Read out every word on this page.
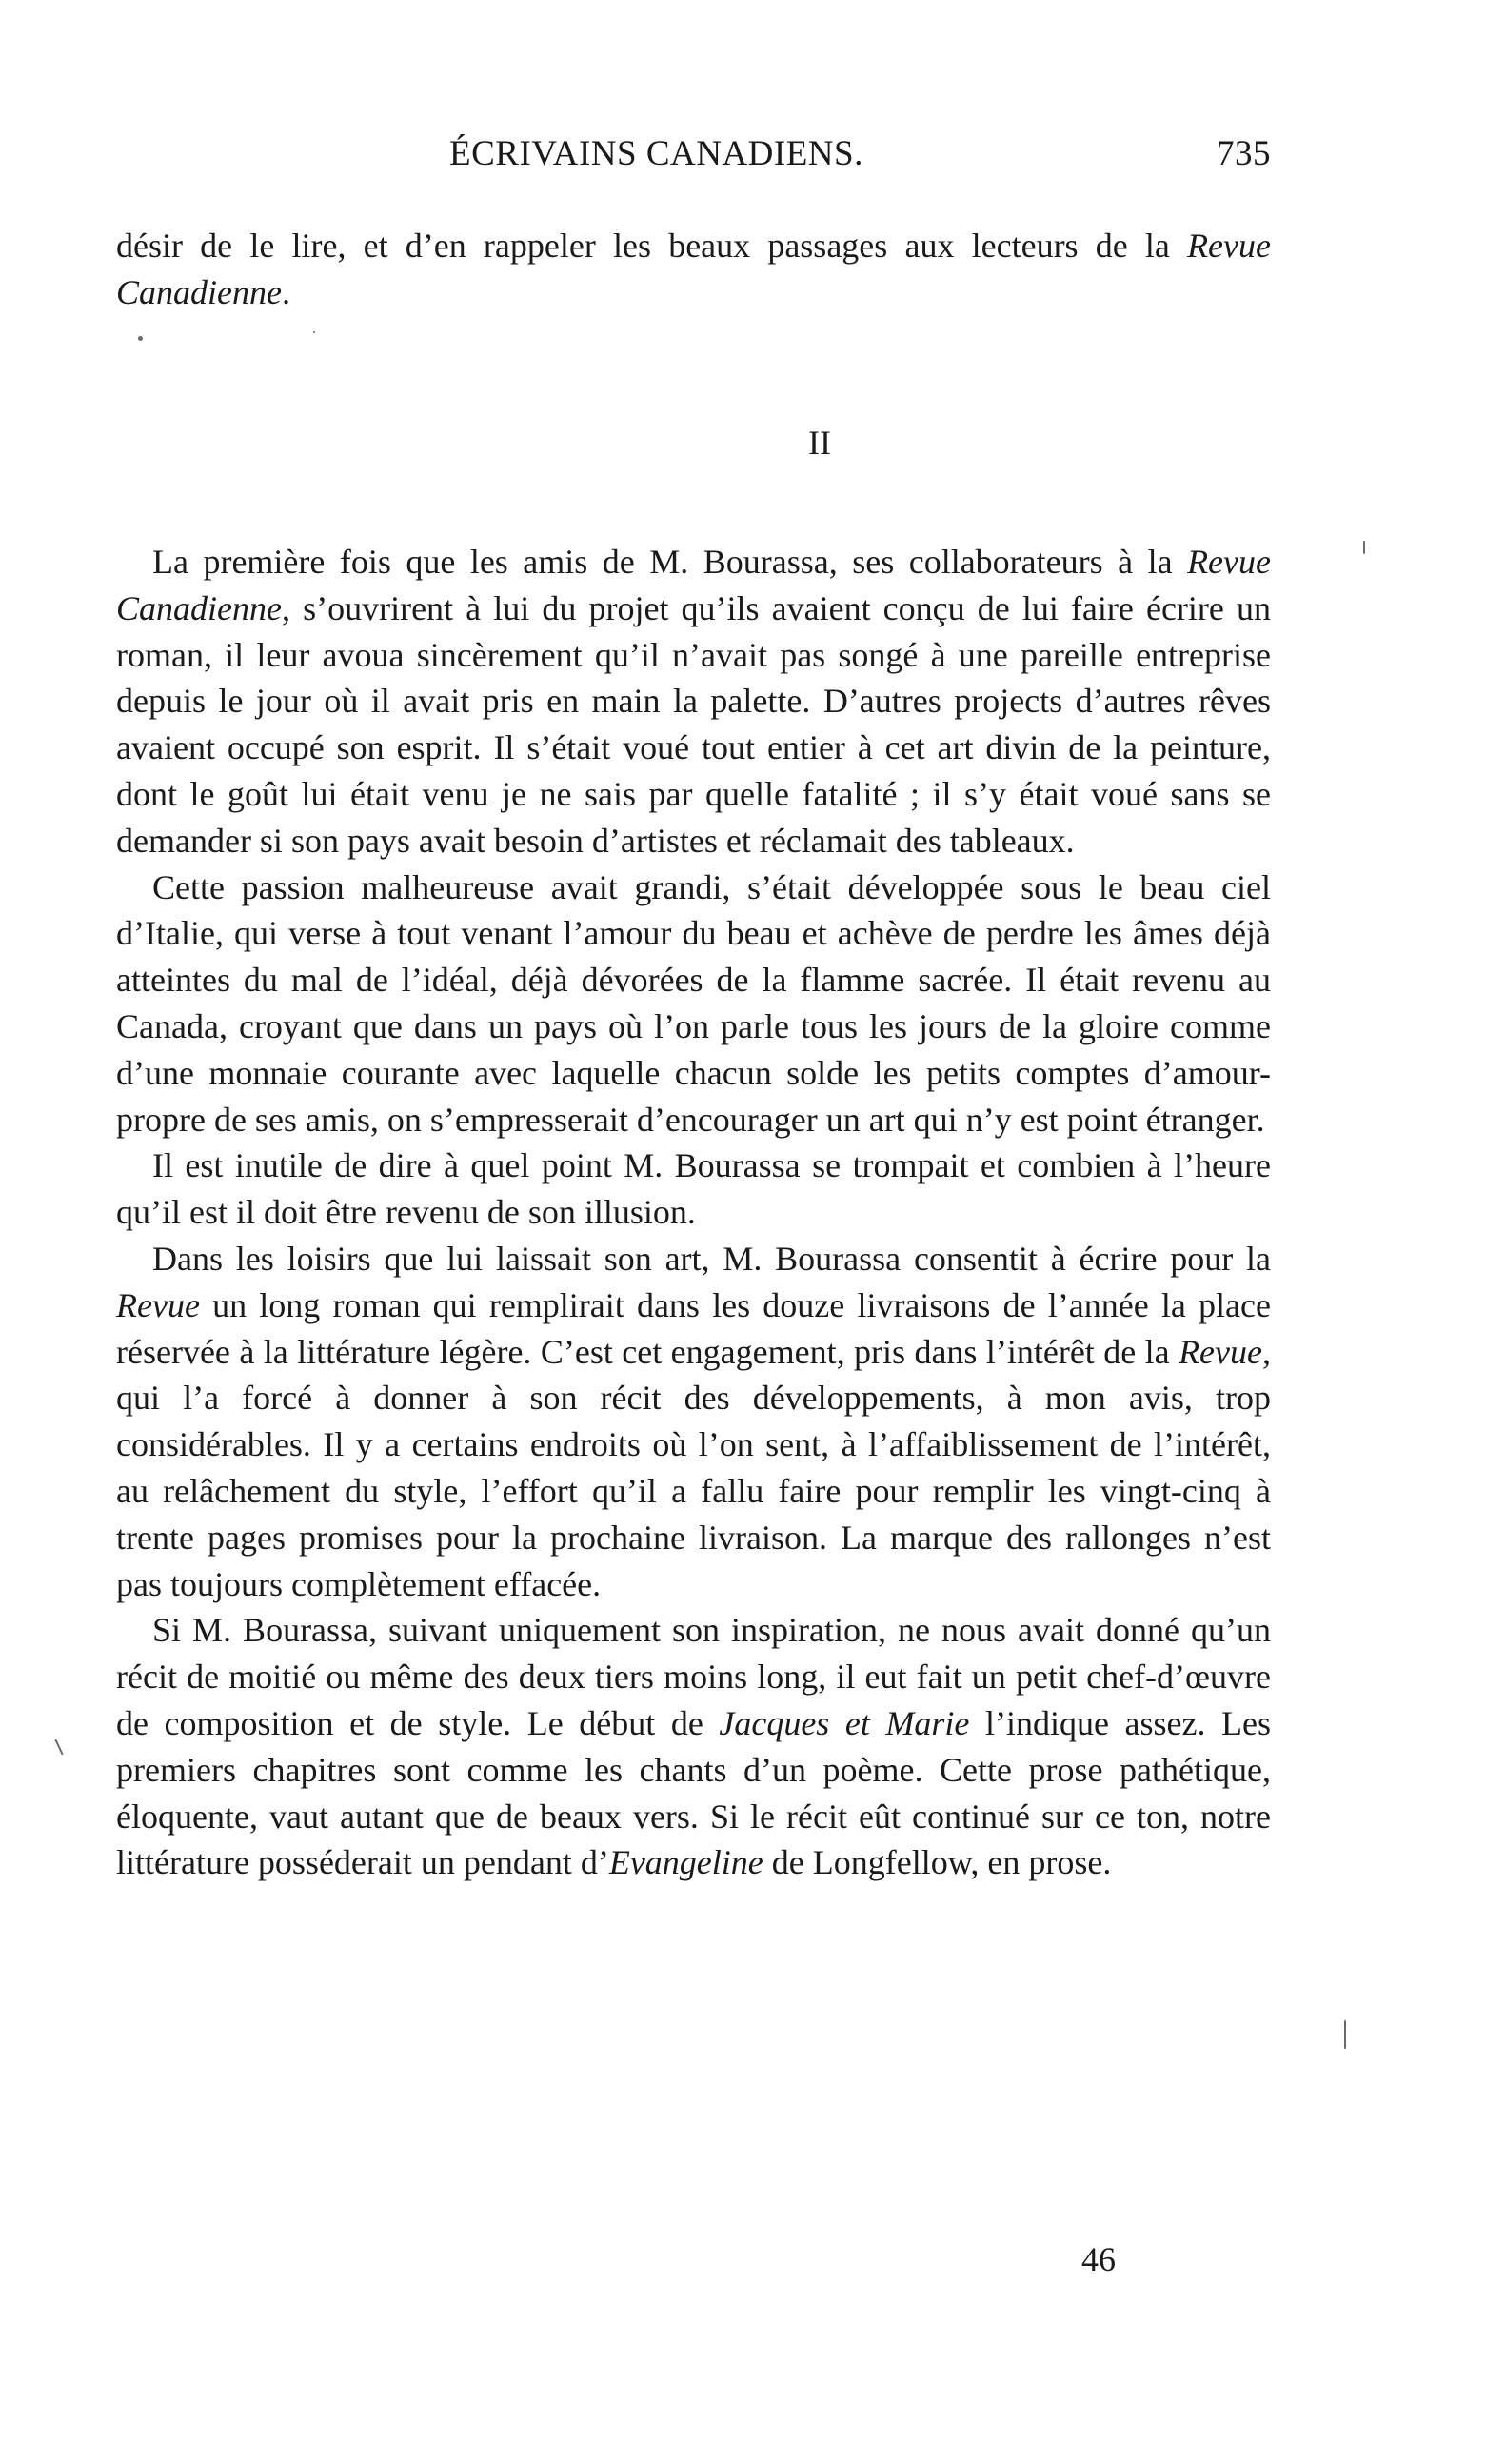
ÉCRIVAINS CANADIENS.	735

désir de le lire, et d’en rappeler les beaux passages aux lecteurs de la Revue Canadienne.

II

La première fois que les amis de M. Bourassa, ses collaborateurs à la Revue Canadienne, s’ouvrirent à lui du projet qu’ils avaient conçu de lui faire écrire un roman, il leur avoua sincèrement qu’il n’avait pas songé à une pareille entreprise depuis le jour où il avait pris en main la palette. D’autres projects d’autres rêves avaient occupé son esprit. Il s’était voué tout entier à cet art divin de la peinture, dont le goût lui était venu je ne sais par quelle fatalité ; il s’y était voué sans se demander si son pays avait besoin d’artistes et réclamait des tableaux.

Cette passion malheureuse avait grandi, s’était développée sous le beau ciel d’Italie, qui verse à tout venant l’amour du beau et achève de perdre les âmes déjà atteintes du mal de l’idéal, déjà dévorées de la flamme sacrée. Il était revenu au Canada, croyant que dans un pays où l’on parle tous les jours de la gloire comme d’une monnaie courante avec laquelle chacun solde les petits comptes d’amour-propre de ses amis, on s’empresserait d’encourager un art qui n’y est point étranger.

Il est inutile de dire à quel point M. Bourassa se trompait et combien à l’heure qu’il est il doit être revenu de son illusion.

Dans les loisirs que lui laissait son art, M. Bourassa consentit à écrire pour la Revue un long roman qui remplirait dans les douze livraisons de l’année la place réservée à la littérature légère. C’est cet engagement, pris dans l’intérêt de la Revue, qui l’a forcé à donner à son récit des développements, à mon avis, trop considérables. Il y a certains endroits où l’on sent, à l’affaiblissement de l’intérêt, au relâchement du style, l’effort qu’il a fallu faire pour remplir les vingt-cinq à trente pages promises pour la prochaine livraison. La marque des rallonges n’est pas toujours complètement effacée.

Si M. Bourassa, suivant uniquement son inspiration, ne nous avait donné qu’un récit de moitié ou même des deux tiers moins long, il eut fait un petit chef-d’œuvre de composition et de style. Le début de Jacques et Marie l’indique assez. Les premiers chapitres sont comme les chants d’un poème. Cette prose pathétique, éloquente, vaut autant que de beaux vers. Si le récit eût continué sur ce ton, notre littérature posséderait un pendant d’Evangeline de Longfellow, en prose.

46
